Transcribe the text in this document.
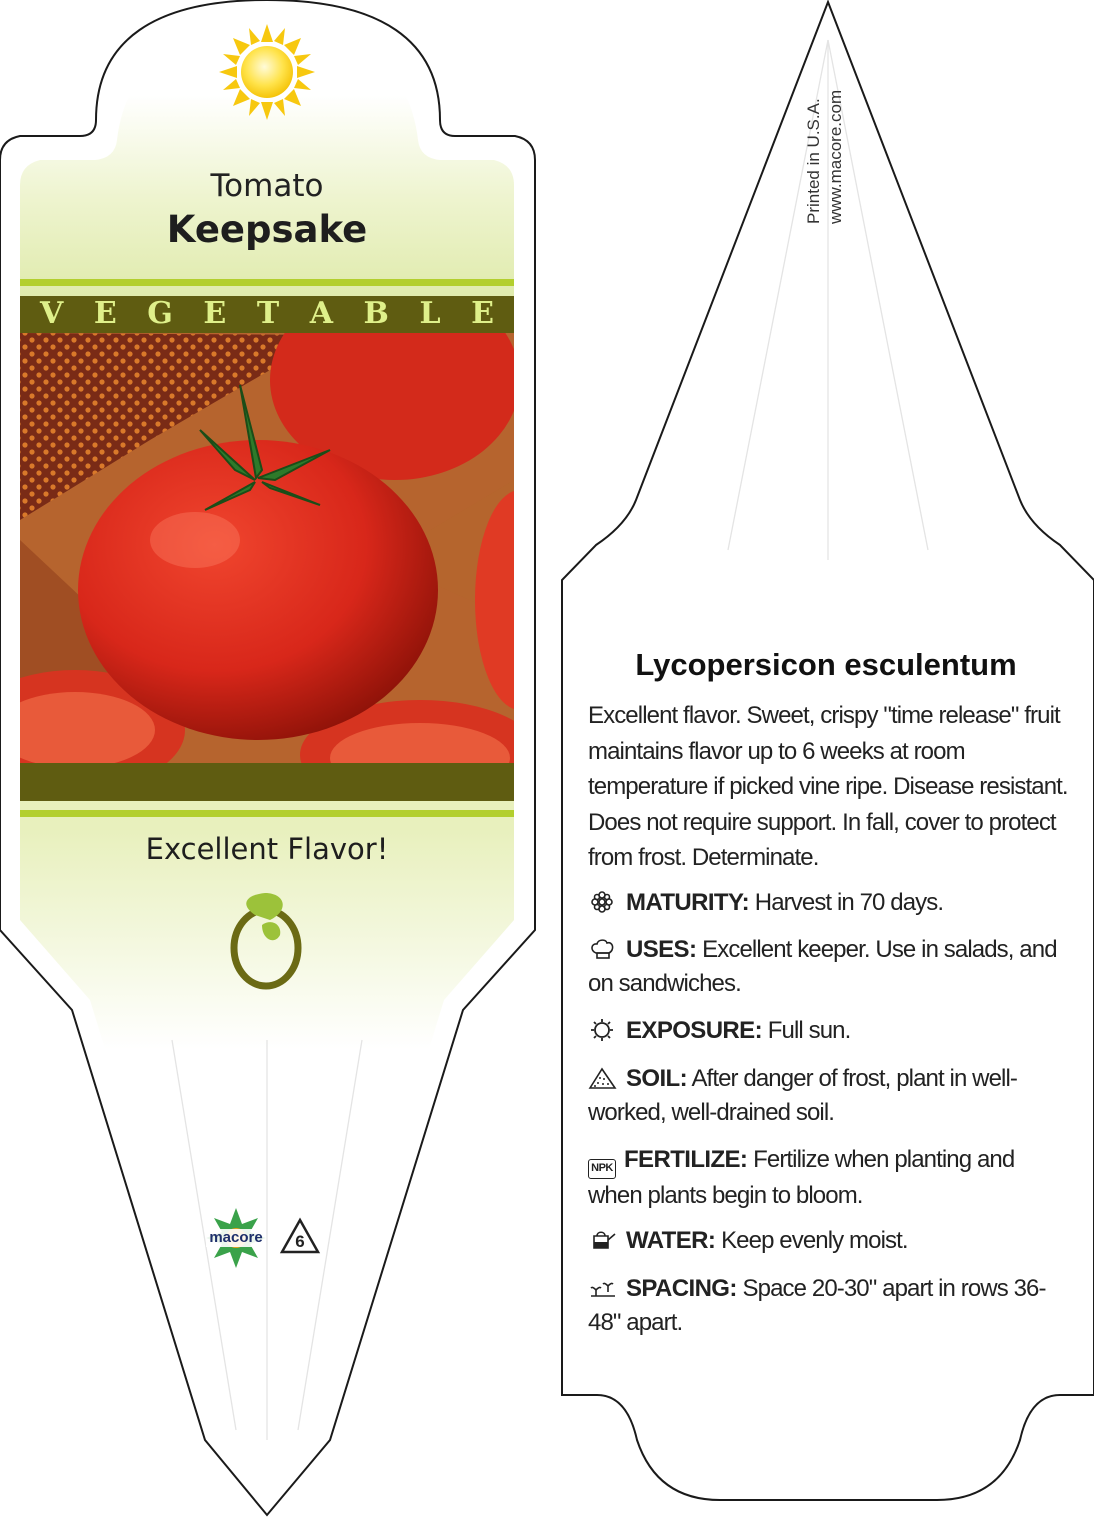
Tomato
Keepsake
V E G E T A B L E
Excellent Flavor!
macore 6
Printed in U.S.A. www.macore.com
Lycopersicon esculentum
Excellent flavor. Sweet, crispy "time release" fruit maintains flavor up to 6 weeks at room temperature if picked vine ripe. Disease resistant. Does not require support. In fall, cover to protect from frost. Determinate.
MATURITY: Harvest in 70 days.
USES: Excellent keeper. Use in salads, and on sandwiches.
EXPOSURE: Full sun.
SOIL: After danger of frost, plant in well-worked, well-drained soil.
NPK FERTILIZE: Fertilize when planting and when plants begin to bloom.
WATER: Keep evenly moist.
SPACING: Space 20-30" apart in rows 36-48" apart.
